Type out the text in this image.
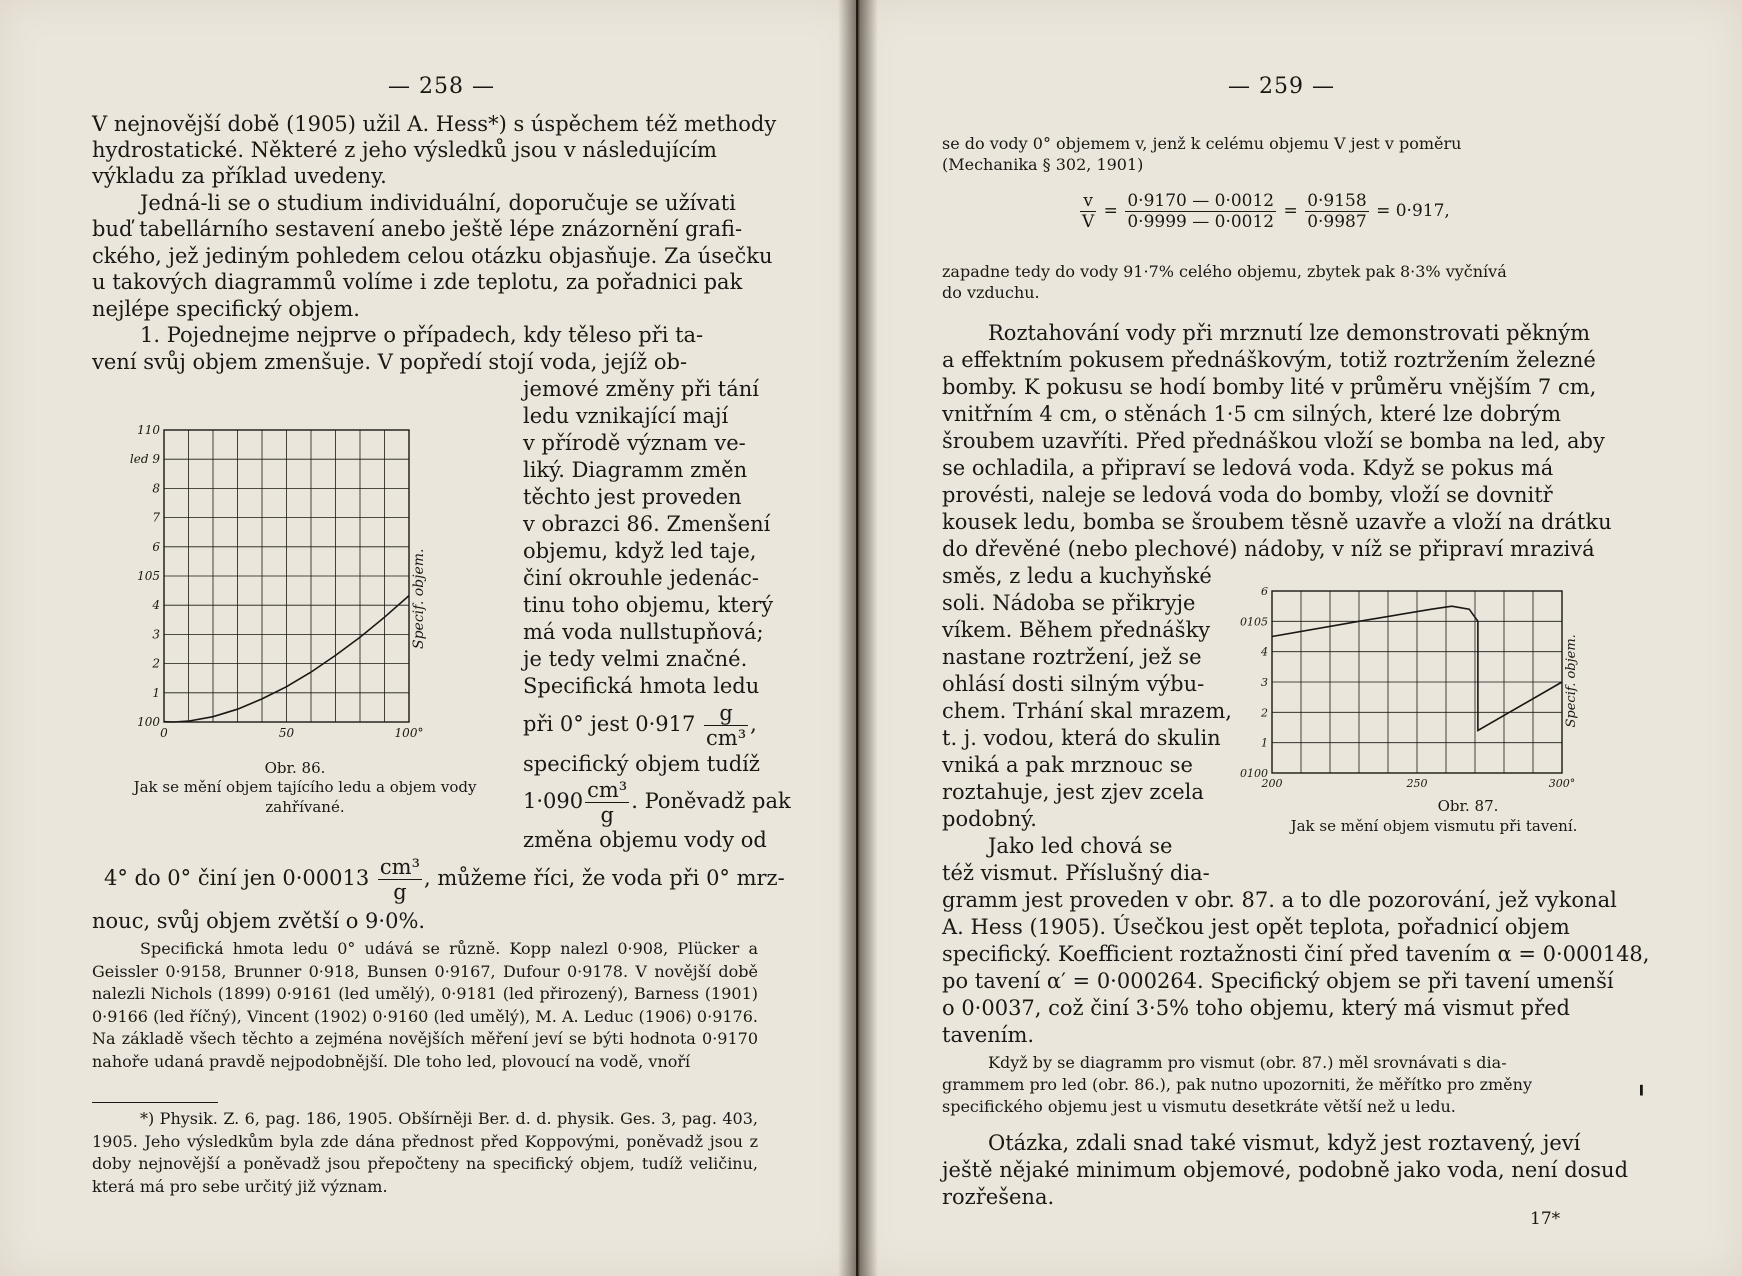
— 258 —
V nejnovější době (1905) užil A. Hess*) s úspěchem též methody
hydrostatické. Některé z jeho výsledků jsou v následujícím
výkladu za příklad uvedeny.
Jedná-li se o studium individuální, doporučuje se užívati
buď tabellárního sestavení anebo ještě lépe znázornění grafi-
ckého, jež jediným pohledem celou otázku objasňuje. Za úsečku
u takových diagrammů volíme i zde teplotu, za pořadnici pak
nejlépe specifický objem.
1. Pojednejme nejprve o případech, kdy těleso při ta-
vení svůj objem zmenšuje. V popředí stojí voda, jejíž ob-
jemové změny při tání
ledu vznikající mají
v přírodě význam ve-
liký. Diagramm změn
těchto jest proveden
v obrazci 86. Zmenšení
objemu, když led taje,
činí okrouhle jedenác-
tinu toho objemu, který
má voda nullstupňová;
je tedy velmi značné.
Specifická hmota ledu
při 0° jest $0\cdot 917 \frac{g}{\text{cm³}}$ ,
specifický objem tudíž
$1\cdot 090 \frac{\text{cm³}}{g}$ . Poněvadž pak
změna objemu vody od
4° do 0° činí jen $0\cdot 00013 \frac{\text{cm³}}{g}$ , můžeme říci, že voda při 0° mrz-
nouc, svůj objem zvětší o 9·0%.
Specifická hmota ledu 0° udává se různě. Kopp nalezl 0·908, Plücker a Geissler 0·9158, Brunner 0·918, Bunsen 0·9167, Dufour 0·9178. V novější době nalezli Nichols (1899) 0·9161 (led umělý), 0·9181 (led přirozený), Barness (1901) 0·9166 (led říčný), Vincent (1902) 0·9160 (led umělý), M. A. Leduc (1906) 0·9176. Na základě všech těchto a zejména novějších měření jeví se býti hodnota 0·9170 nahoře udaná pravdě nejpodobnější. Dle toho led, plovoucí na vodě, vnoří
*) Physik. Z. 6, pag. 186, 1905. Obšírněji Ber. d. d. physik. Ges. 3, pag. 403, 1905. Jeho výsledkům byla zde dána přednost před Koppovými, poněvadž jsou z doby nejnovější a poněvadž jsou přepočteny na specifický objem, tudíž veličinu, která má pro sebe určitý již význam.
110
led 9
8
7
6
105
4
3
2
1
100
0	50	100°
Specif. objem.
Obr. 86.
Jak se mění objem tajícího ledu a objem vody zahřívané.
— 259 —
se do vody 0° objemem v, jenž k celému objemu V jest v poměru
(Mechanika § 302, 1901)
$\frac{v}{V} = \frac{0\cdot 9170 — 0\cdot 0012}{0\cdot 9999 — 0\cdot 0012} = \frac{0\cdot 9158}{0\cdot 9987} = 0\cdot 917$,
zapadne tedy do vody 91·7% celého objemu, zbytek pak 8·3% vyčnívá
do vzduchu.
Roztahování vody při mrznutí lze demonstrovati pěkným
a effektním pokusem přednáškovým, totiž roztržením železné
bomby. K pokusu se hodí bomby lité v průměru vnějším 7 cm,
vnitřním 4 cm, o stěnách 1·5 cm silných, které lze dobrým
šroubem uzavříti. Před přednáškou vloží se bomba na led, aby
se ochladila, a připraví se ledová voda. Když se pokus má
provésti, naleje se ledová voda do bomby, vloží se dovnitř
kousek ledu, bomba se šroubem těsně uzavře a vloží na drátku
do dřevěné (nebo plechové) nádoby, v níž se připraví mrazivá
směs, z ledu a kuchyňské
soli. Nádoba se přikryje
víkem. Během přednášky
nastane roztržení, jež se
ohlásí dosti silným výbu-
chem. Trhání skal mrazem,
t. j. vodou, která do skulin
vniká a pak mrznouc se
roztahuje, jest zjev zcela
podobný.
Jako led chová se
též vismut. Příslušný dia-
gramm jest proveden v obr. 87. a to dle pozorování, jež vykonal
A. Hess (1905). Úsečkou jest opět teplota, pořadnicí objem
specifický. Koefficient roztažnosti činí před tavením α = 0·000148,
po tavení α′ = 0·000264. Specifický objem se při tavení umenší
o 0·0037, což činí 3·5% toho objemu, který má vismut před
tavením.
Když by se diagramm pro vismut (obr. 87.) měl srovnávati s dia-
grammem pro led (obr. 86.), pak nutno upozorniti, že měřítko pro změny
specifického objemu jest u vismutu desetkráte větší než u ledu.
Otázka, zdali snad také vismut, když jest roztavený, jeví
ještě nějaké minimum objemové, podobně jako voda, není dosud
rozřešena.
17*
╻
6
0105
4
3
2
1
0100
200	250	300°
Specif. objem.
Obr. 87.
Jak se mění objem vismutu při tavení.
